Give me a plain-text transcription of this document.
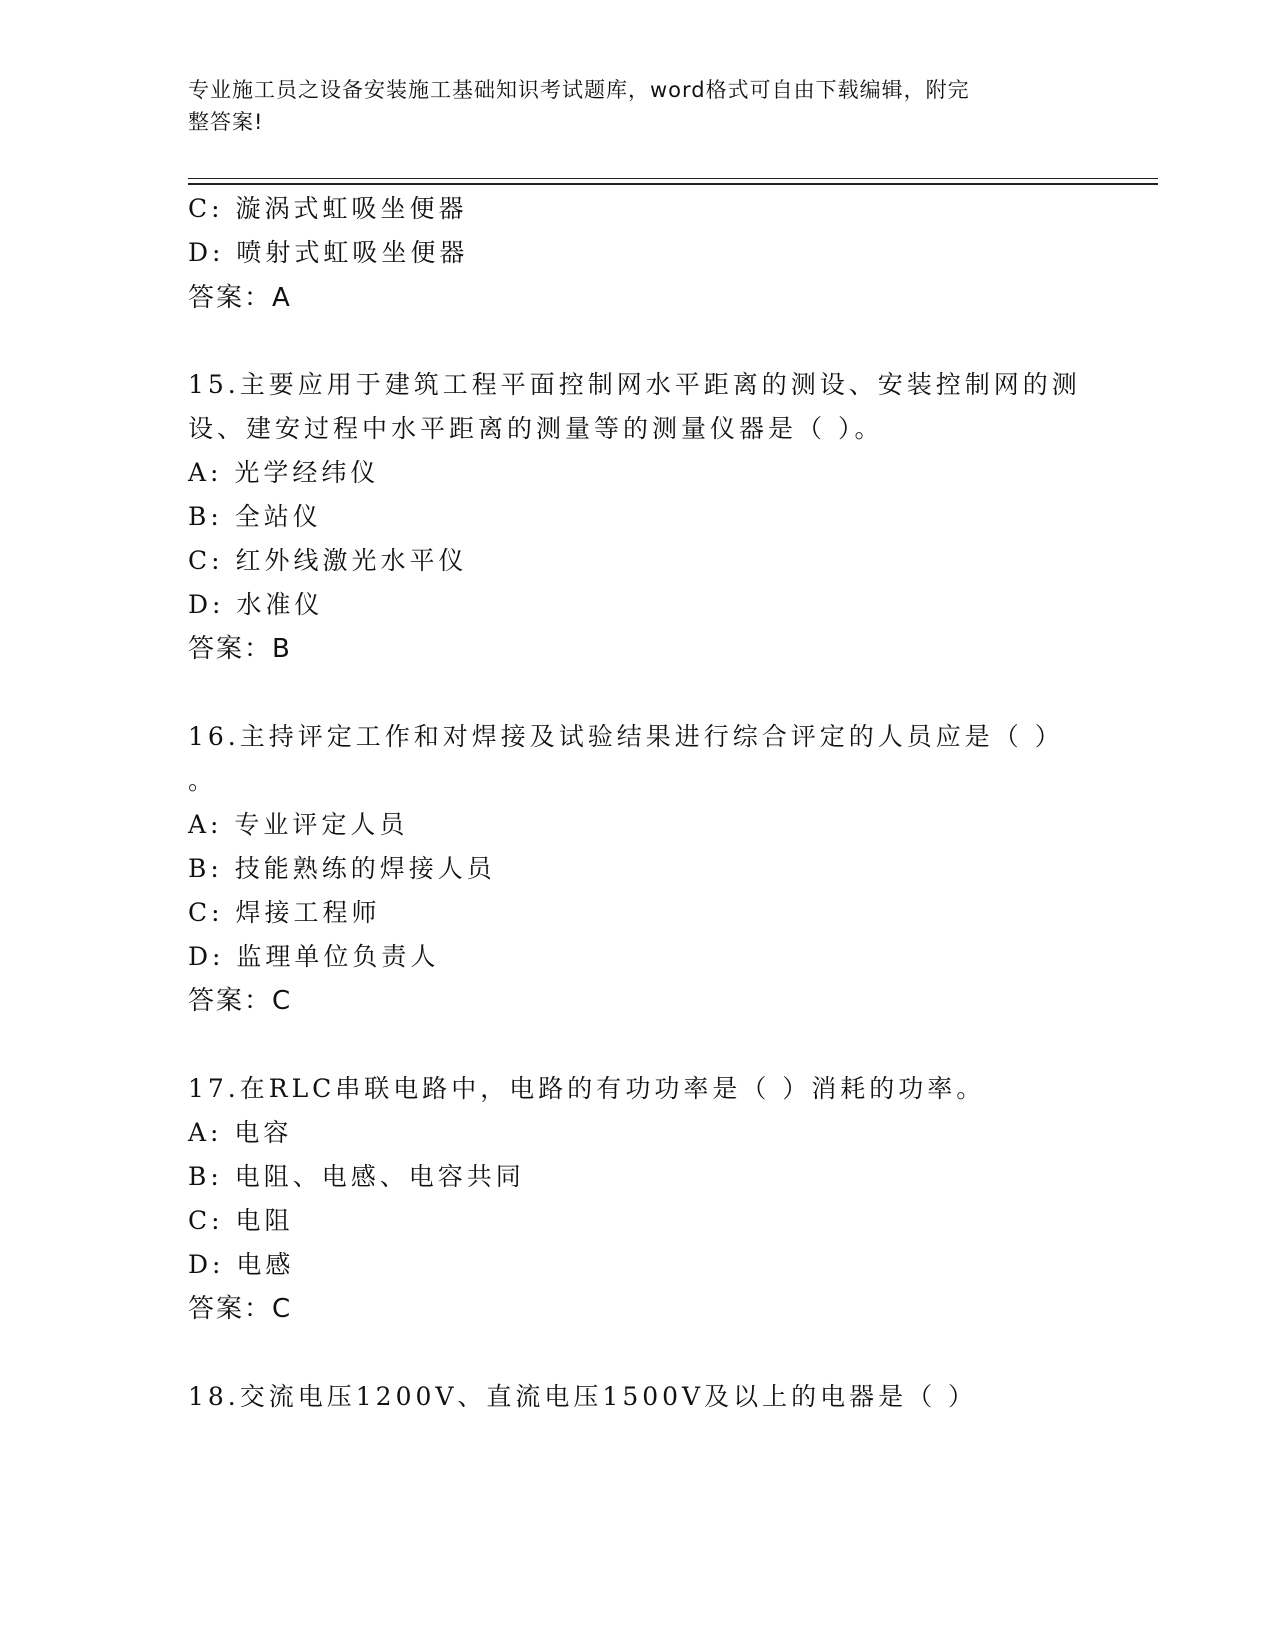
专业施工员之设备安装施工基础知识考试题库，word格式可自由下载编辑，附完
整答案!
C: 漩涡式虹吸坐便器
D: 喷射式虹吸坐便器
答案：A
15.主要应用于建筑工程平面控制网水平距离的测设、安装控制网的测
设、建安过程中水平距离的测量等的测量仪器是（ ）。
A: 光学经纬仪
B: 全站仪
C: 红外线激光水平仪
D: 水准仪
答案：B
16.主持评定工作和对焊接及试验结果进行综合评定的人员应是（ ）
。
A: 专业评定人员
B: 技能熟练的焊接人员
C: 焊接工程师
D: 监理单位负责人
答案：C
17.在RLC串联电路中，电路的有功功率是（ ）消耗的功率。
A: 电容
B: 电阻、电感、电容共同
C: 电阻
D: 电感
答案：C
18.交流电压1200V、直流电压1500V及以上的电器是（ ）
